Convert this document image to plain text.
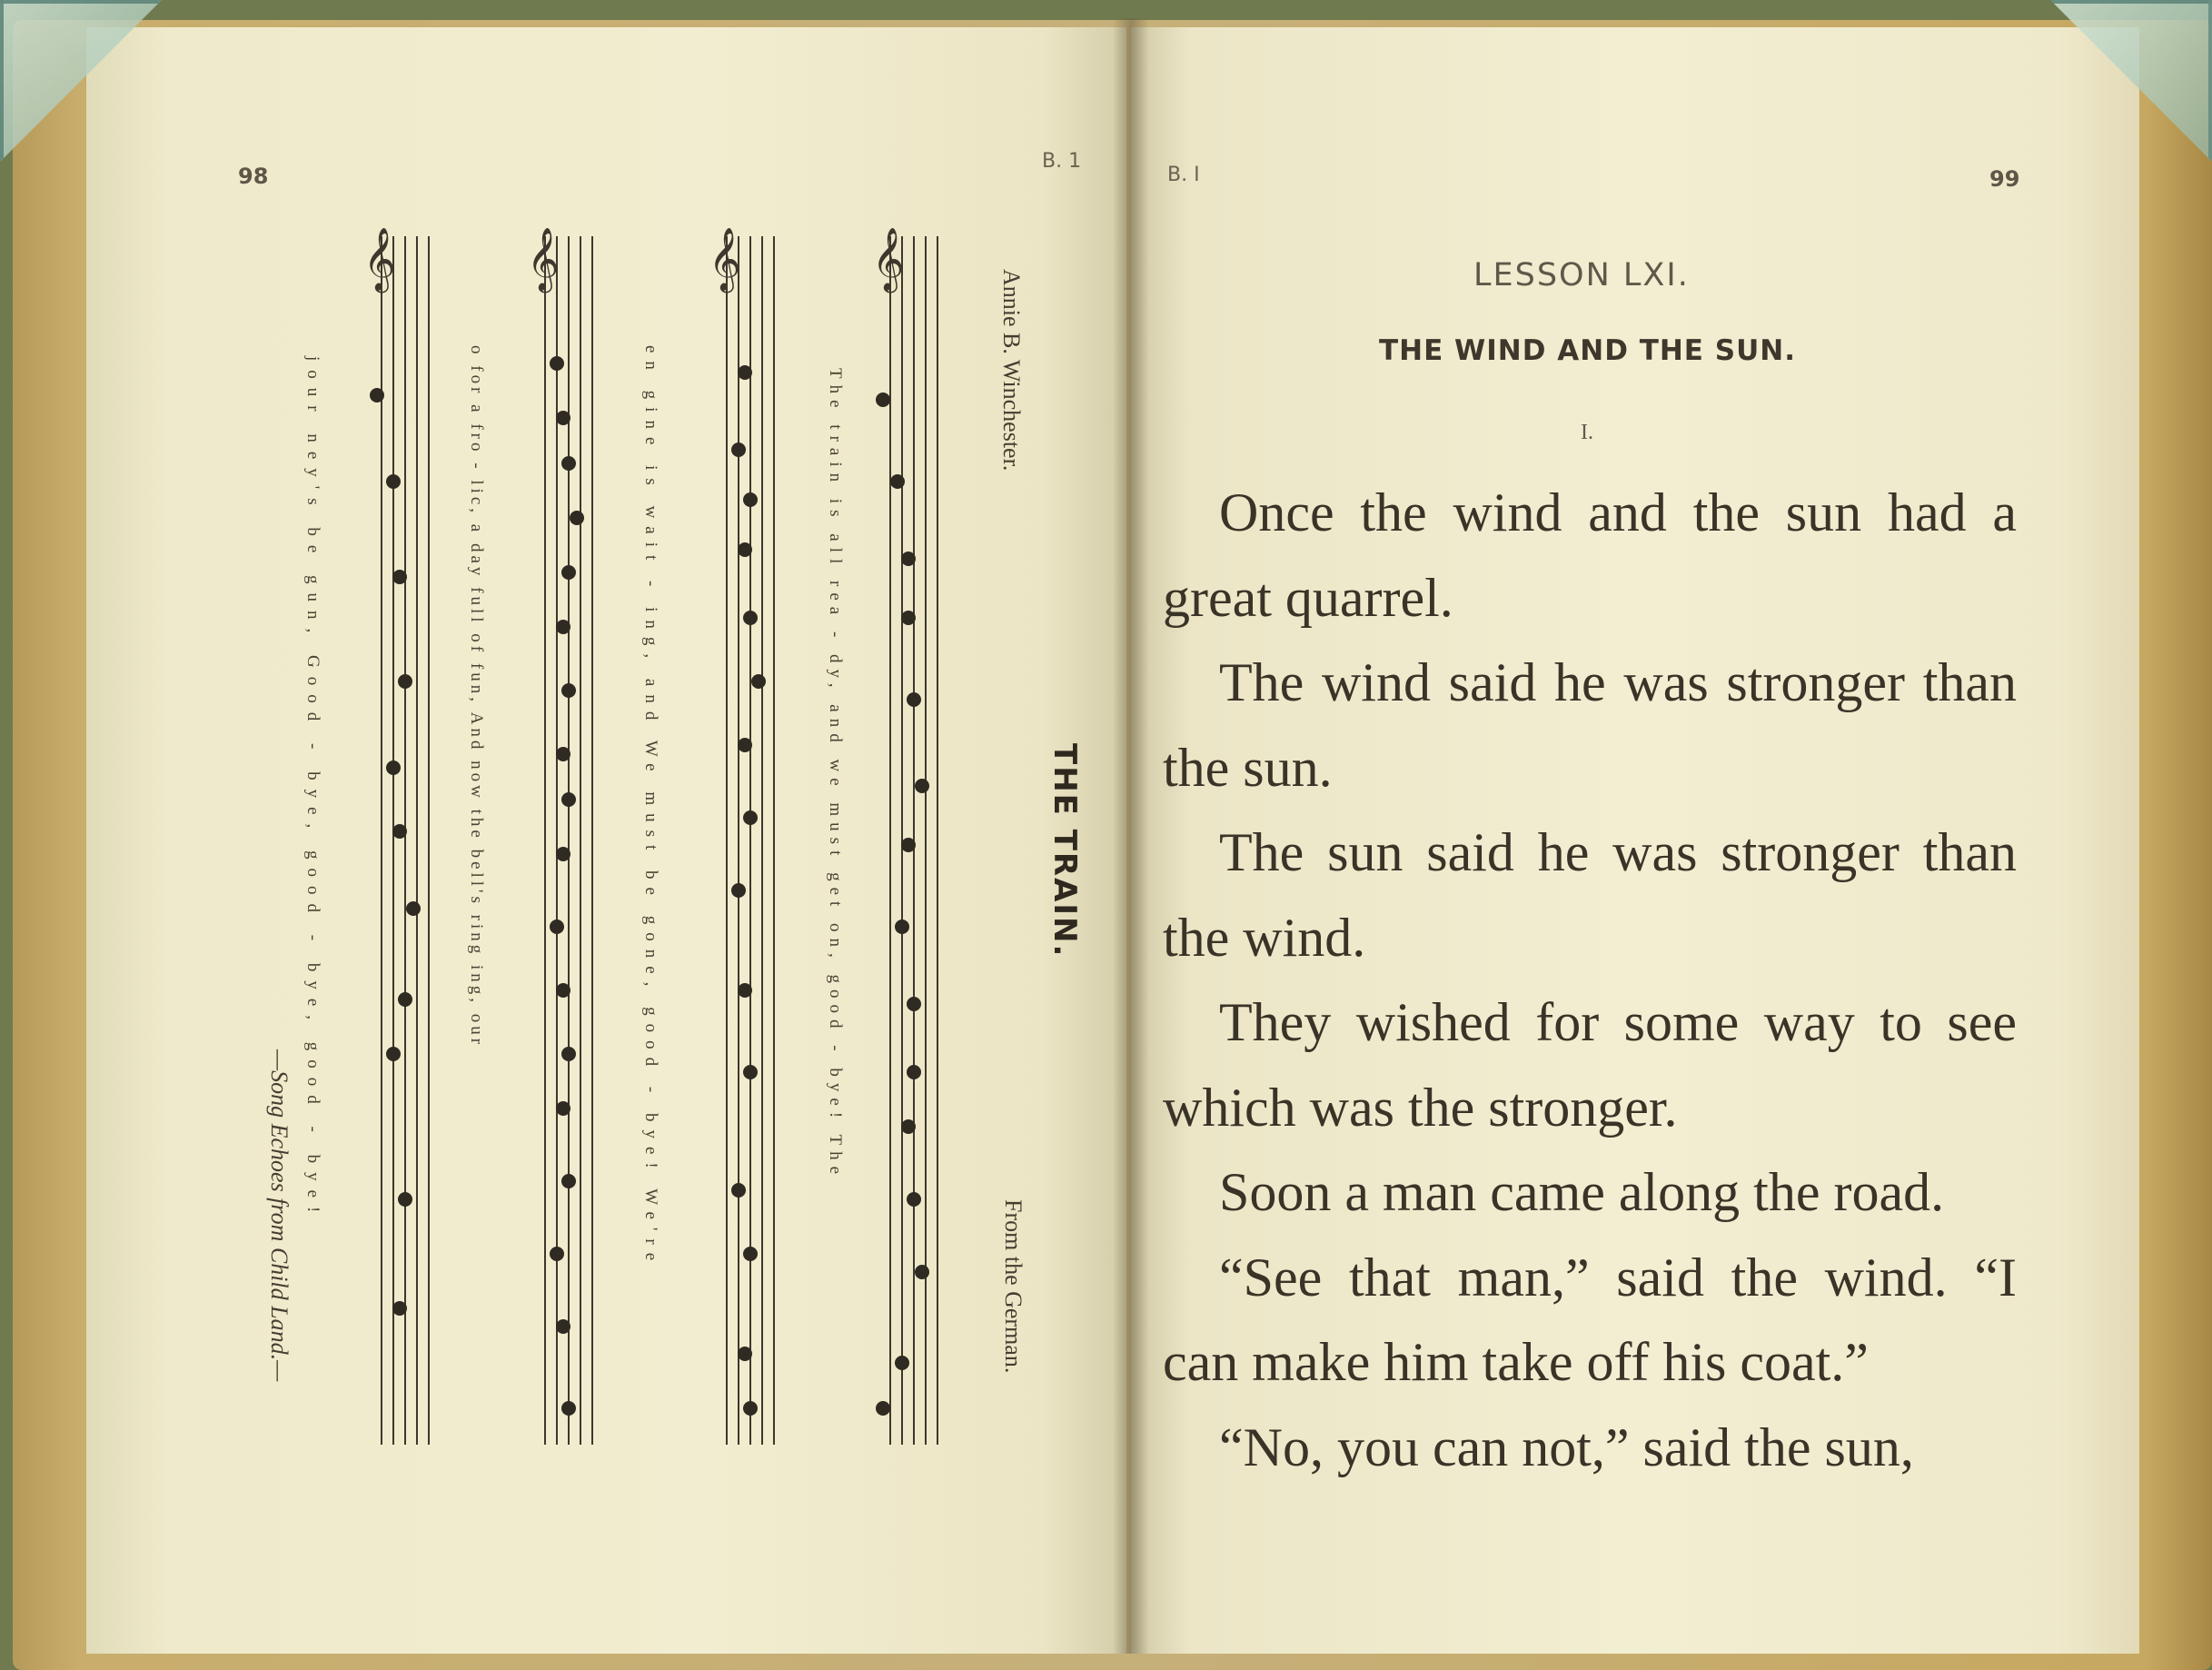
98
B. 1
𝄞
𝄞
𝄞
𝄞
THE TRAIN.
Annie B. Winchester.
From the German.
The train is all rea - dy, and we must get on, good - bye! The
en gine is wait - ing, and We must be gone, good - bye! We're
o for a fro - lic, a day full of fun, And now the bell's ring ing, our
jour ney's be gun, Good - bye, good - bye, good - bye!
—Song Echoes from Child Land.—
B. I	99
LESSON LXI.
THE WIND AND THE SUN.
I.

Once the wind and the sun had a great quarrel.

The wind said he was stronger than the sun.

The sun said he was stronger than the wind.

They wished for some way to see which was the stronger.

Soon a man came along the road.

“See that man,” said the wind. “I can make him take off his coat.”

“No, you can not,” said the sun,
